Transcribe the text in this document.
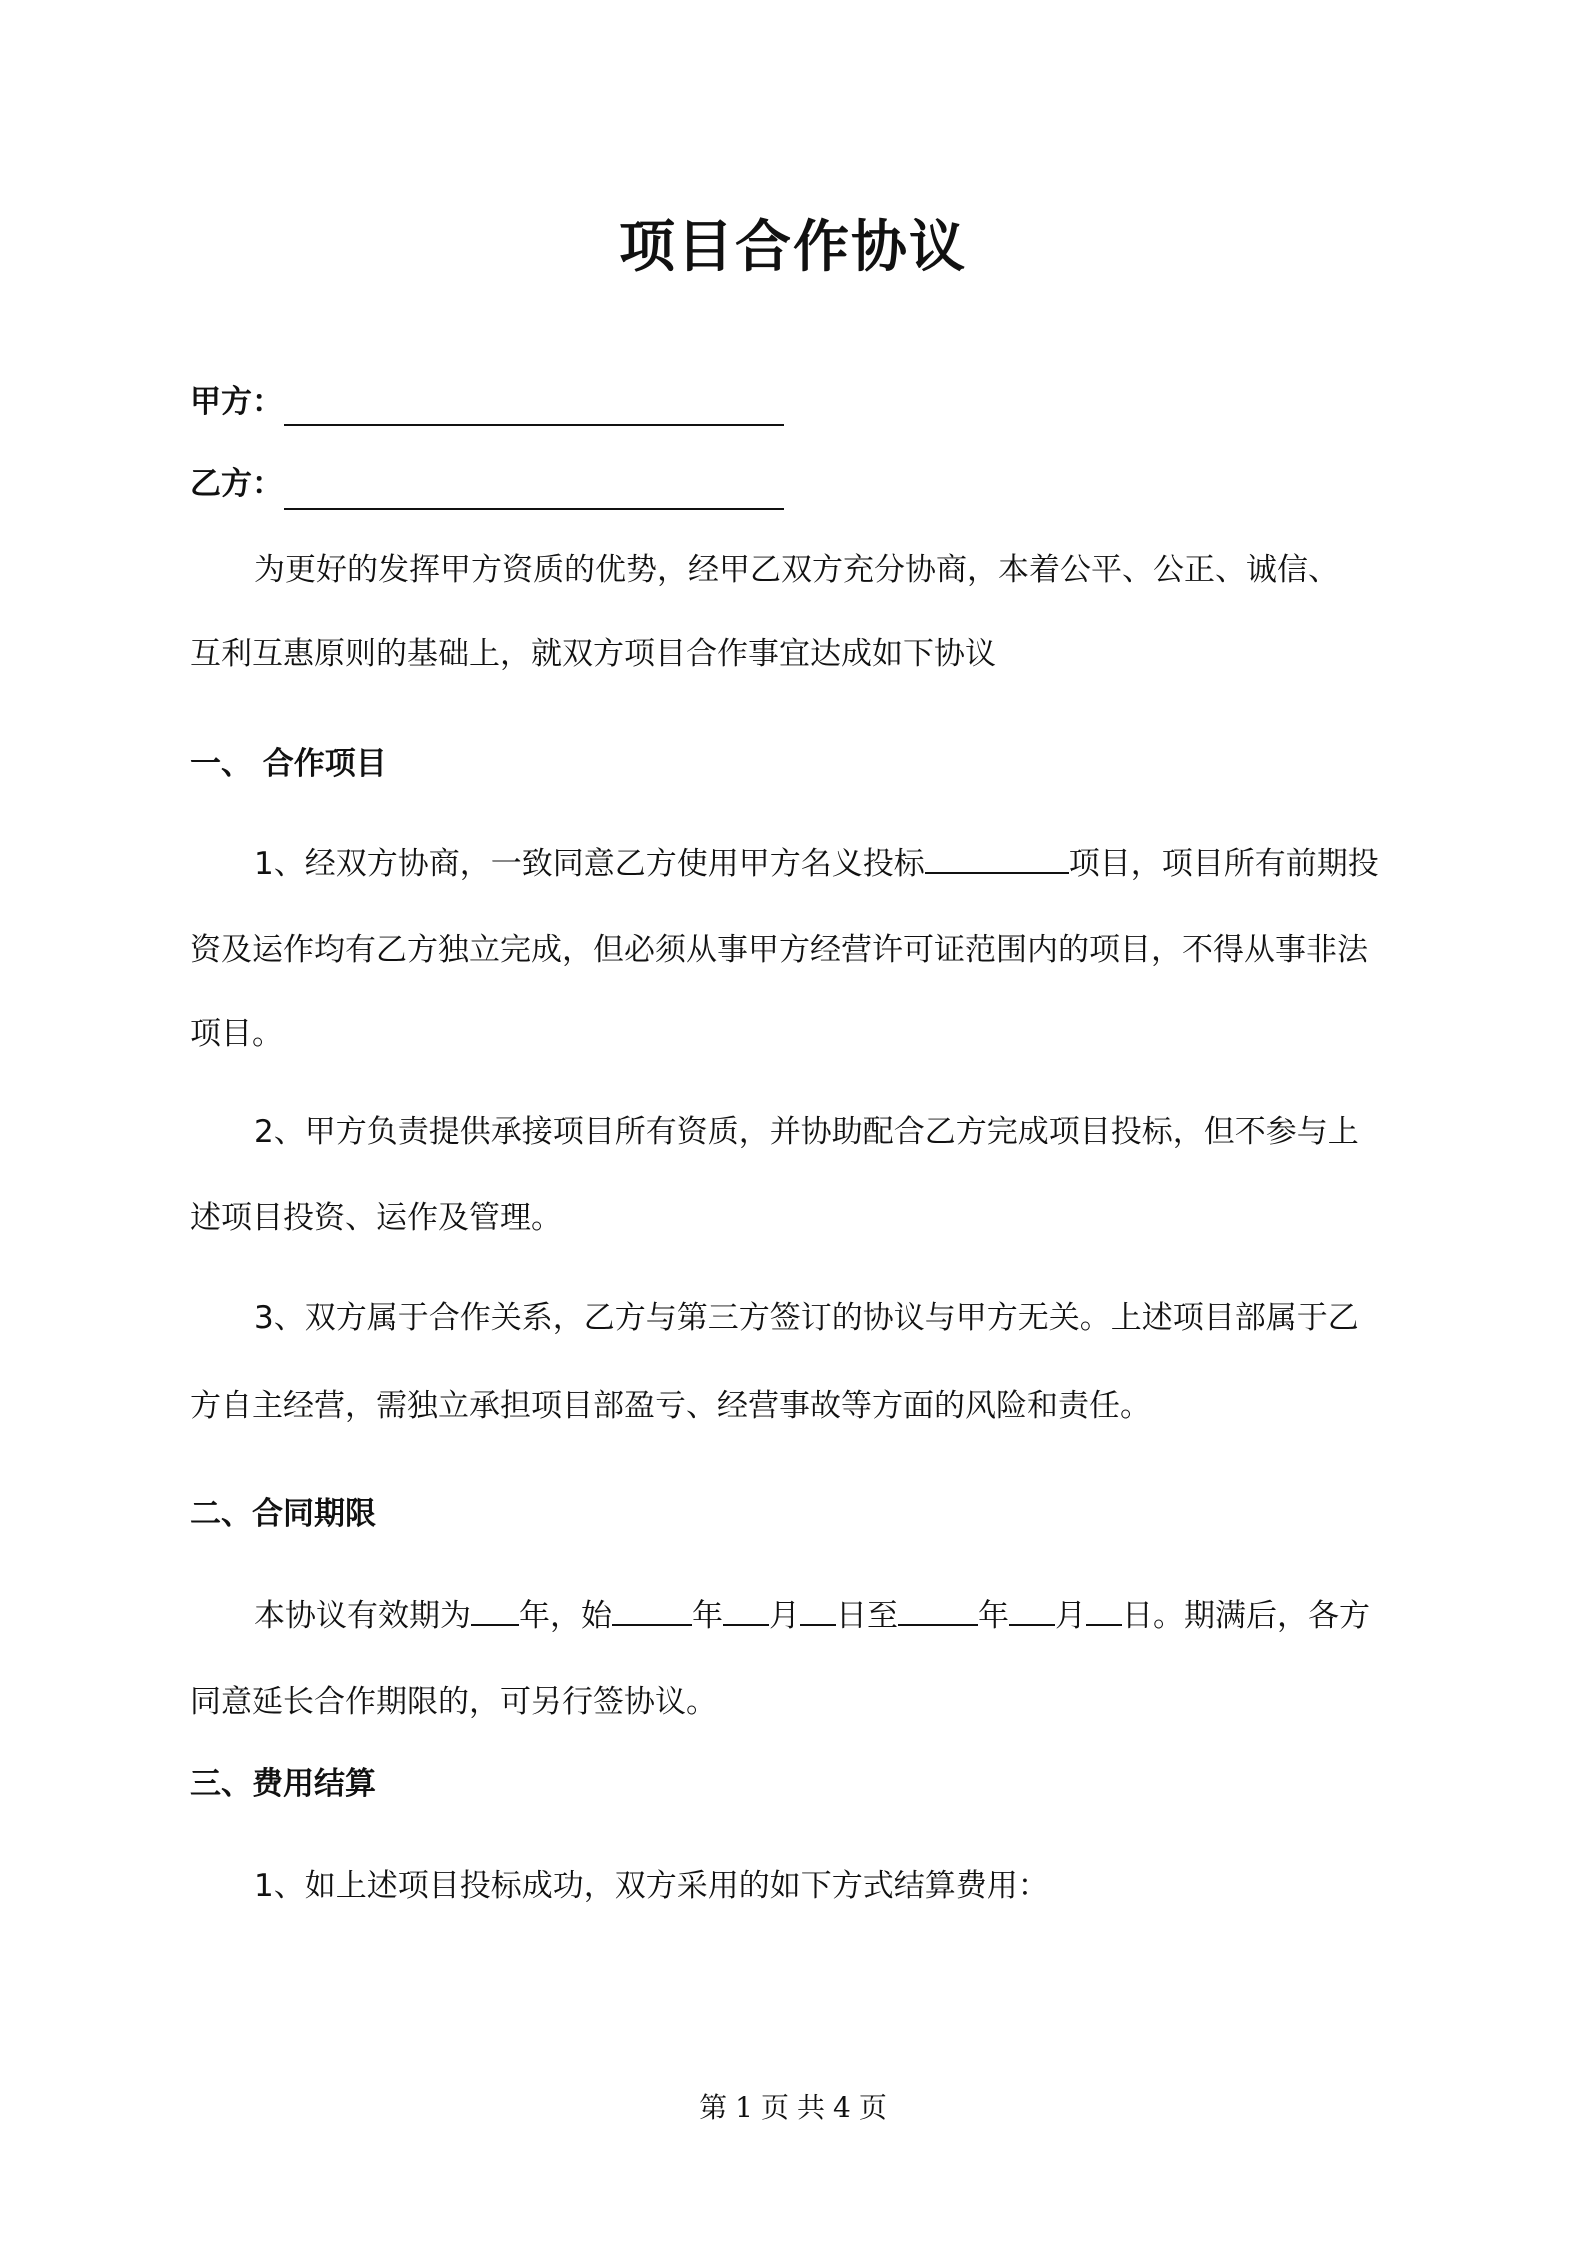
项目合作协议
甲方：
乙方：
为更好的发挥甲方资质的优势，经甲乙双方充分协商，本着公平、公正、诚信、
互利互惠原则的基础上，就双方项目合作事宜达成如下协议
一、 合作项目
1、经双方协商，一致同意乙方使用甲方名义投标	项目，项目所有前期投
资及运作均有乙方独立完成，但必须从事甲方经营许可证范围内的项目，不得从事非法
项目。
2、甲方负责提供承接项目所有资质，并协助配合乙方完成项目投标，但不参与上
述项目投资、运作及管理。
3、双方属于合作关系，乙方与第三方签订的协议与甲方无关。上述项目部属于乙
方自主经营，需独立承担项目部盈亏、经营事故等方面的风险和责任。
二、合同期限
本协议有效期为 年，始	年 月 日至	年 月 日。期满后，各方
同意延长合作期限的，可另行签协议。
三、费用结算
1、如上述项目投标成功，双方采用的如下方式结算费用：
第 1 页 共 4 页
